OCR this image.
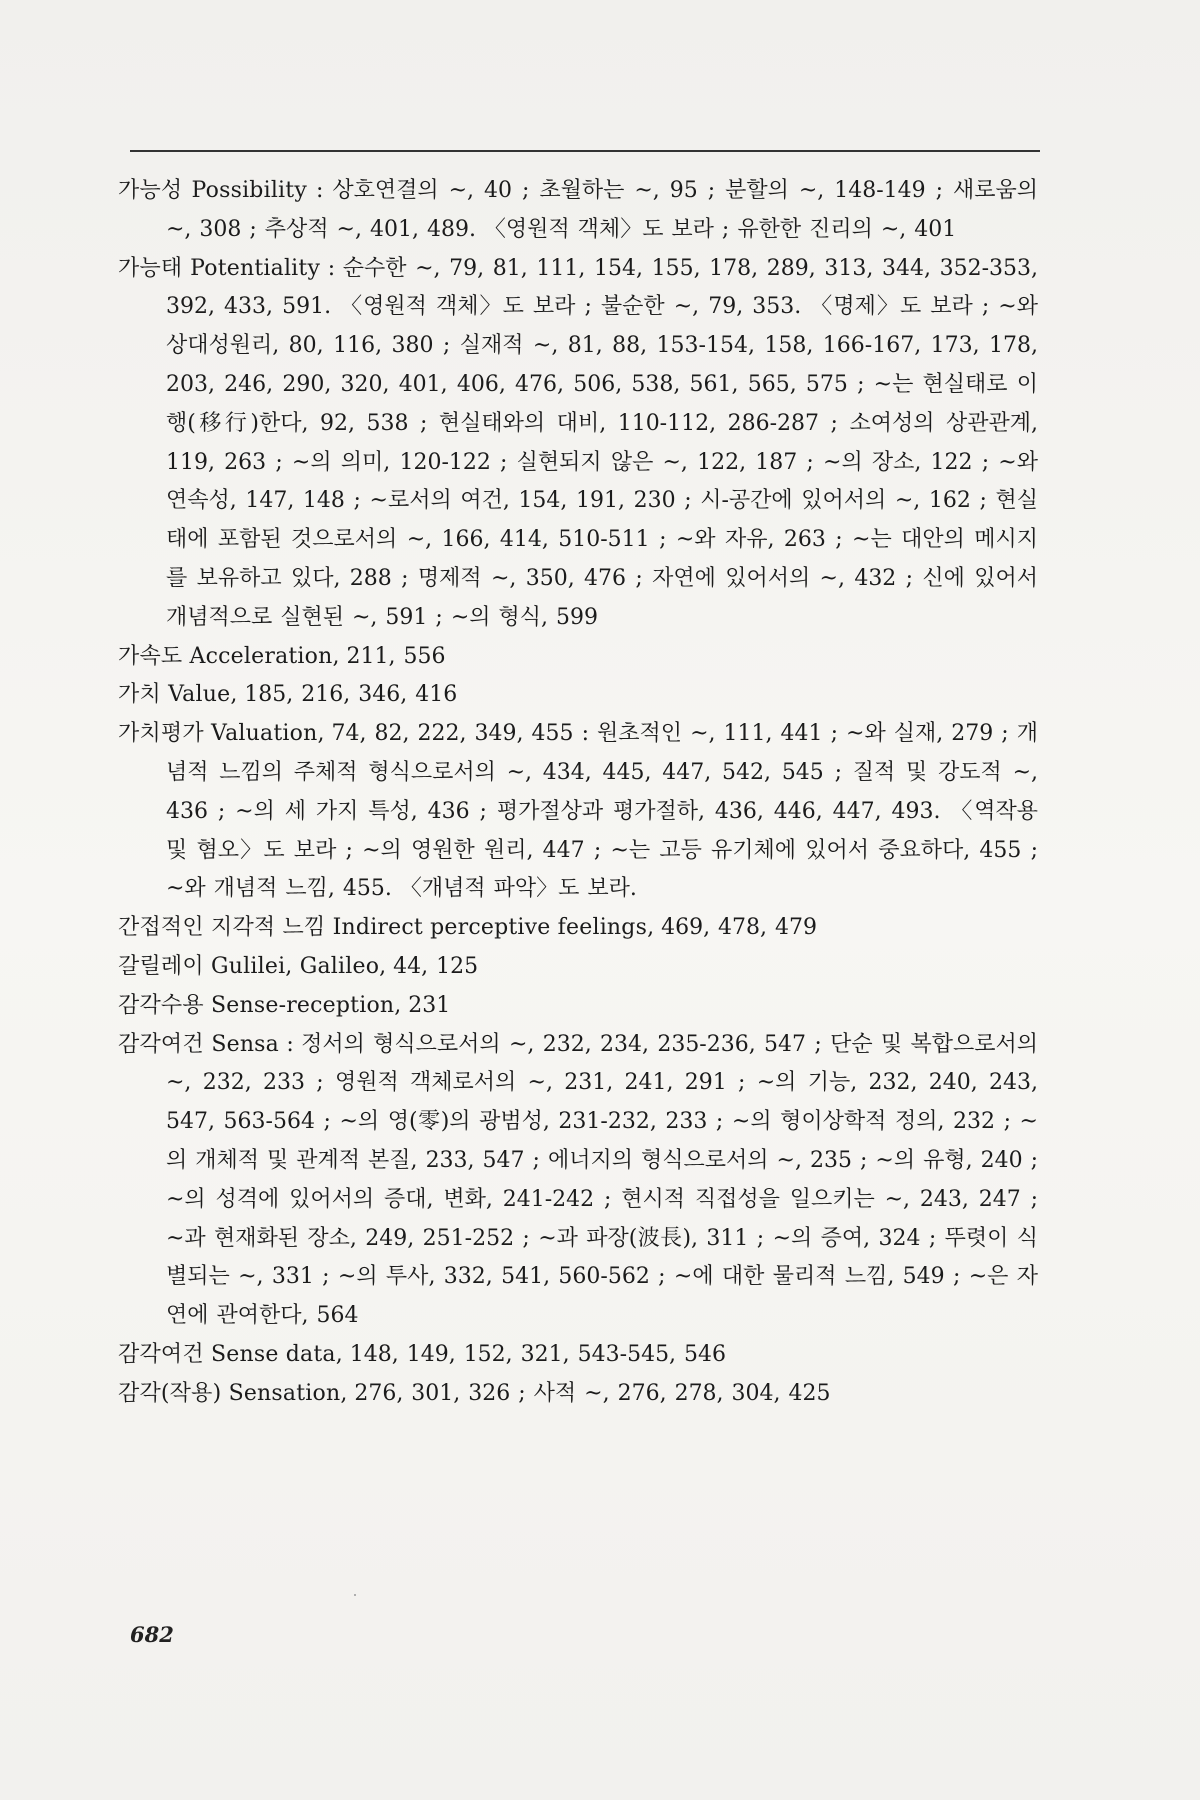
가능성 Possibility : 상호연결의 ~, 40 ; 초월하는 ~, 95 ; 분할의 ~, 148-149 ; 새로움의 ~, 308 ; 추상적 ~, 401, 489. 〈영원적 객체〉도 보라 ; 유한한 진리의 ~, 401
가능태 Potentiality : 순수한 ~, 79, 81, 111, 154, 155, 178, 289, 313, 344, 352-353, 392, 433, 591. 〈영원적 객체〉도 보라 ; 불순한 ~, 79, 353. 〈명제〉도 보라 ; ~와 상대성원리, 80, 116, 380 ; 실재적 ~, 81, 88, 153-154, 158, 166-167, 173, 178, 203, 246, 290, 320, 401, 406, 476, 506, 538, 561, 565, 575 ; ~는 현실태로 이행(移行)한다, 92, 538 ; 현실태와의 대비, 110-112, 286-287 ; 소여성의 상관관계, 119, 263 ; ~의 의미, 120-122 ; 실현되지 않은 ~, 122, 187 ; ~의 장소, 122 ; ~와 연속성, 147, 148 ; ~로서의 여건, 154, 191, 230 ; 시-공간에 있어서의 ~, 162 ; 현실태에 포함된 것으로서의 ~, 166, 414, 510-511 ; ~와 자유, 263 ; ~는 대안의 메시지를 보유하고 있다, 288 ; 명제적 ~, 350, 476 ; 자연에 있어서의 ~, 432 ; 신에 있어서 개념적으로 실현된 ~, 591 ; ~의 형식, 599
가속도 Acceleration, 211, 556
가치 Value, 185, 216, 346, 416
가치평가 Valuation, 74, 82, 222, 349, 455 : 원초적인 ~, 111, 441 ; ~와 실재, 279 ; 개념적 느낌의 주체적 형식으로서의 ~, 434, 445, 447, 542, 545 ; 질적 및 강도적 ~, 436 ; ~의 세 가지 특성, 436 ; 평가절상과 평가절하, 436, 446, 447, 493. 〈역작용 및 혐오〉도 보라 ; ~의 영원한 원리, 447 ; ~는 고등 유기체에 있어서 중요하다, 455 ; ~와 개념적 느낌, 455. 〈개념적 파악〉도 보라.
간접적인 지각적 느낌 Indirect perceptive feelings, 469, 478, 479
갈릴레이 Gulilei, Galileo, 44, 125
감각수용 Sense-reception, 231
감각여건 Sensa : 정서의 형식으로서의 ~, 232, 234, 235-236, 547 ; 단순 및 복합으로서의 ~, 232, 233 ; 영원적 객체로서의 ~, 231, 241, 291 ; ~의 기능, 232, 240, 243, 547, 563-564 ; ~의 영(零)의 광범성, 231-232, 233 ; ~의 형이상학적 정의, 232 ; ~의 개체적 및 관계적 본질, 233, 547 ; 에너지의 형식으로서의 ~, 235 ; ~의 유형, 240 ; ~의 성격에 있어서의 증대, 변화, 241-242 ; 현시적 직접성을 일으키는 ~, 243, 247 ; ~과 현재화된 장소, 249, 251-252 ; ~과 파장(波長), 311 ; ~의 증여, 324 ; 뚜렷이 식별되는 ~, 331 ; ~의 투사, 332, 541, 560-562 ; ~에 대한 물리적 느낌, 549 ; ~은 자연에 관여한다, 564
감각여건 Sense data, 148, 149, 152, 321, 543-545, 546
감각(작용) Sensation, 276, 301, 326 ; 사적 ~, 276, 278, 304, 425
682
